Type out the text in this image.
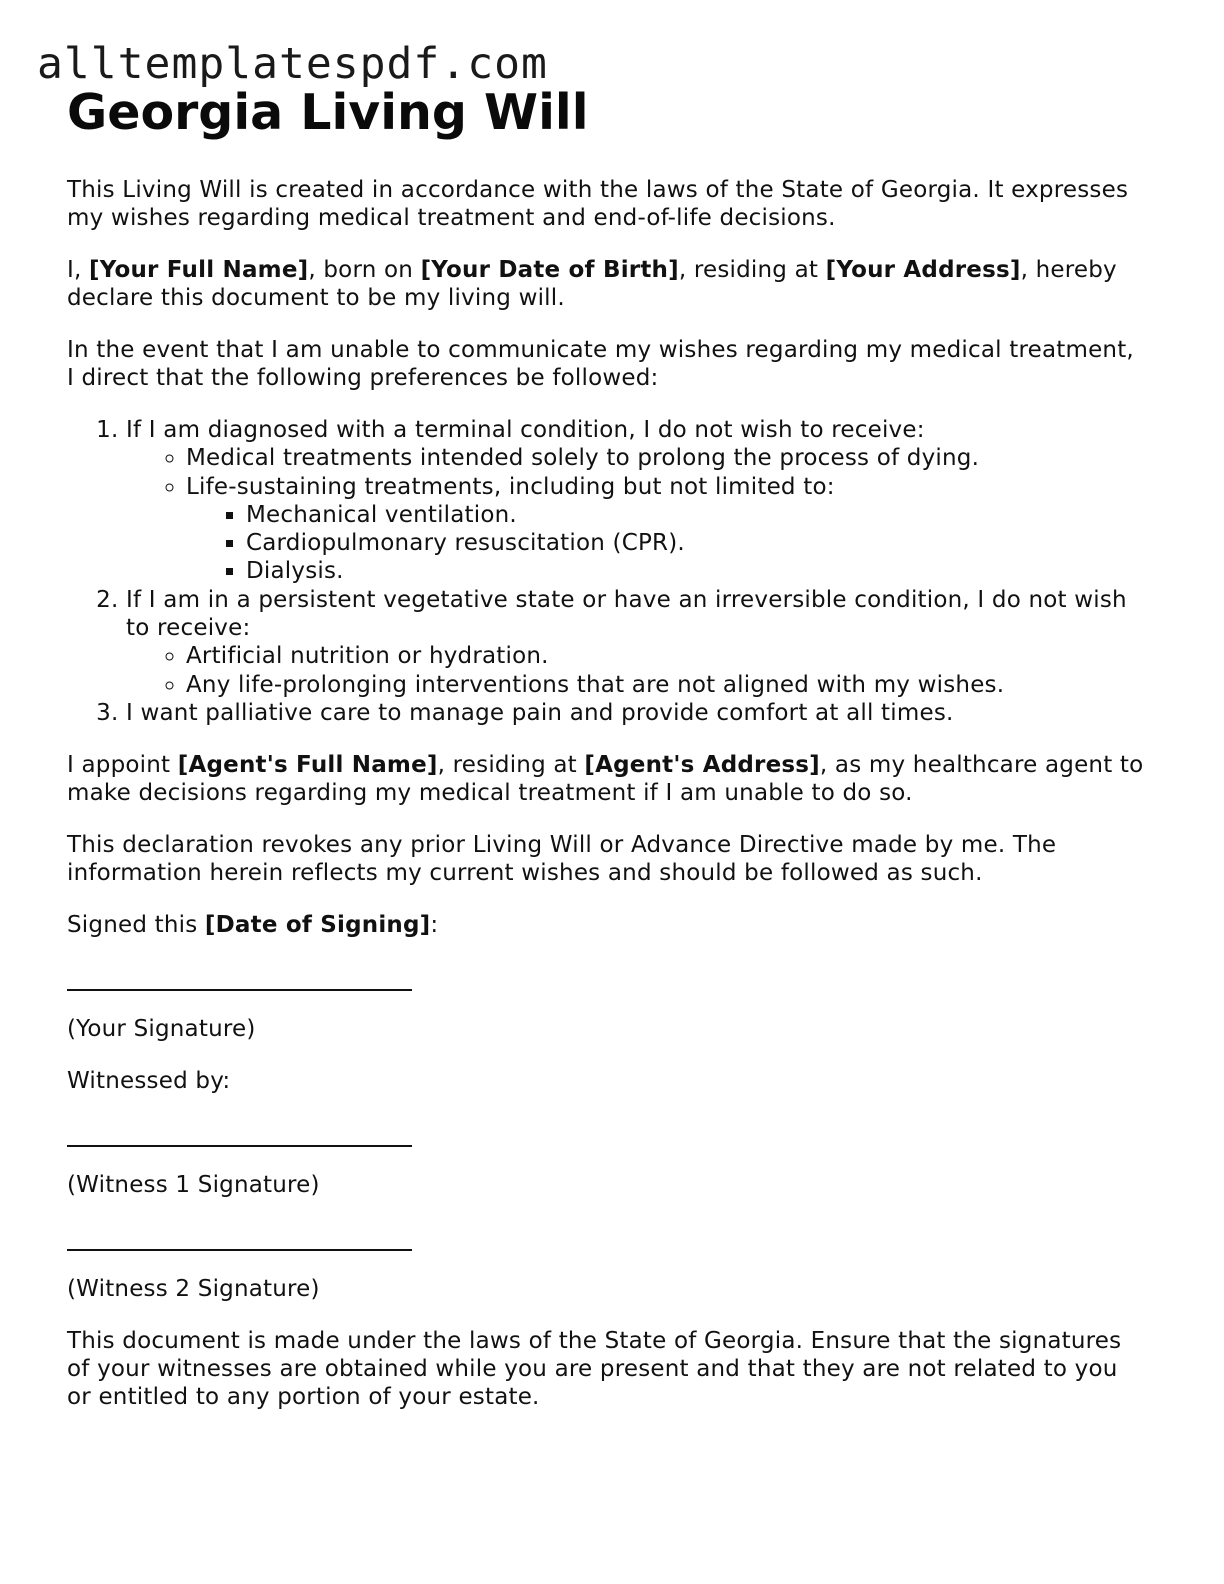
alltemplatespdf.com
Georgia Living Will

This Living Will is created in accordance with the laws of the State of Georgia. It expresses my wishes regarding medical treatment and end-of-life decisions.

I, [Your Full Name], born on [Your Date of Birth], residing at [Your Address], hereby declare this document to be my living will.

In the event that I am unable to communicate my wishes regarding my medical treatment, I direct that the following preferences be followed:

1. If I am diagnosed with a terminal condition, I do not wish to receive:
◦ Medical treatments intended solely to prolong the process of dying.
◦ Life-sustaining treatments, including but not limited to:
▪ Mechanical ventilation.
▪ Cardiopulmonary resuscitation (CPR).
▪ Dialysis.
2. If I am in a persistent vegetative state or have an irreversible condition, I do not wish to receive:
◦ Artificial nutrition or hydration.
◦ Any life-prolonging interventions that are not aligned with my wishes.
3. I want palliative care to manage pain and provide comfort at all times.

I appoint [Agent's Full Name], residing at [Agent's Address], as my healthcare agent to make decisions regarding my medical treatment if I am unable to do so.

This declaration revokes any prior Living Will or Advance Directive made by me. The information herein reflects my current wishes and should be followed as such.

Signed this [Date of Signing]:

(Your Signature)

Witnessed by:

(Witness 1 Signature)

(Witness 2 Signature)

This document is made under the laws of the State of Georgia. Ensure that the signatures of your witnesses are obtained while you are present and that they are not related to you or entitled to any portion of your estate.
